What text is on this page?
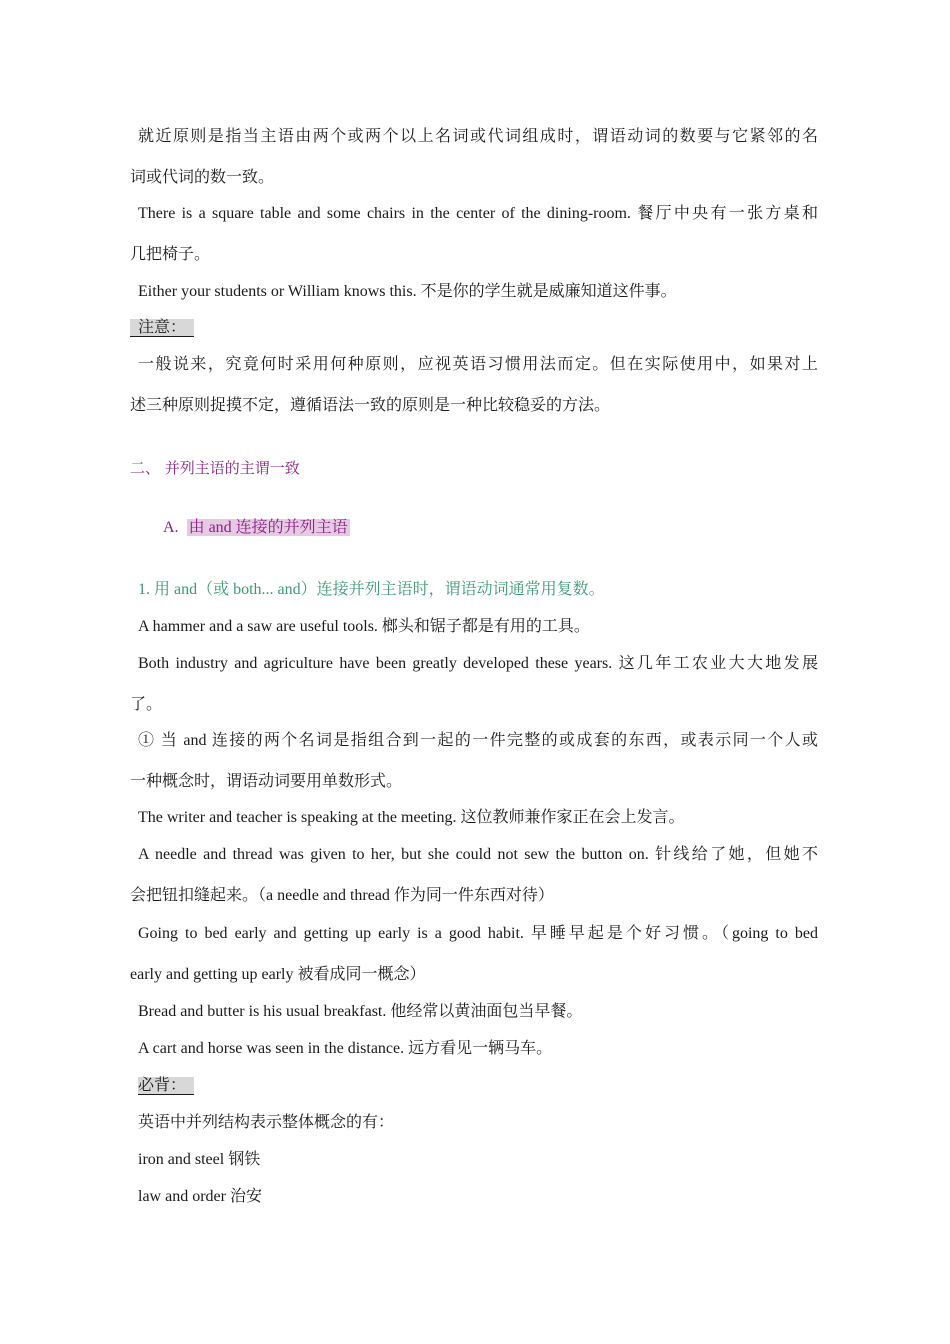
就近原则是指当主语由两个或两个以上名词或代词组成时，谓语动词的数要与它紧邻的名
词或代词的数一致。
There is a square table and some chairs in the center of the dining-room. 餐厅中央有一张方桌和
几把椅子。
Either your students or William knows this. 不是你的学生就是威廉知道这件事。
注意：
一般说来，究竟何时采用何种原则，应视英语习惯用法而定。但在实际使用中，如果对上
述三种原则捉摸不定，遵循语法一致的原则是一种比较稳妥的方法。
二、 并列主语的主谓一致
A. 由 and 连接的并列主语
1. 用 and（或 both... and）连接并列主语时，谓语动词通常用复数。
A hammer and a saw are useful tools. 榔头和锯子都是有用的工具。
Both industry and agriculture have been greatly developed these years. 这几年工农业大大地发展
了。
① 当 and 连接的两个名词是指组合到一起的一件完整的或成套的东西，或表示同一个人或
一种概念时，谓语动词要用单数形式。
The writer and teacher is speaking at the meeting. 这位教师兼作家正在会上发言。
A needle and thread was given to her, but she could not sew the button on. 针线给了她，但她不
会把钮扣缝起来。（a needle and thread 作为同一件东西对待）
Going to bed early and getting up early is a good habit. 早睡早起是个好习惯。（going to bed
early and getting up early 被看成同一概念）
Bread and butter is his usual breakfast. 他经常以黄油面包当早餐。
A cart and horse was seen in the distance. 远方看见一辆马车。
必背：
英语中并列结构表示整体概念的有：
iron and steel 钢铁
law and order 治安
